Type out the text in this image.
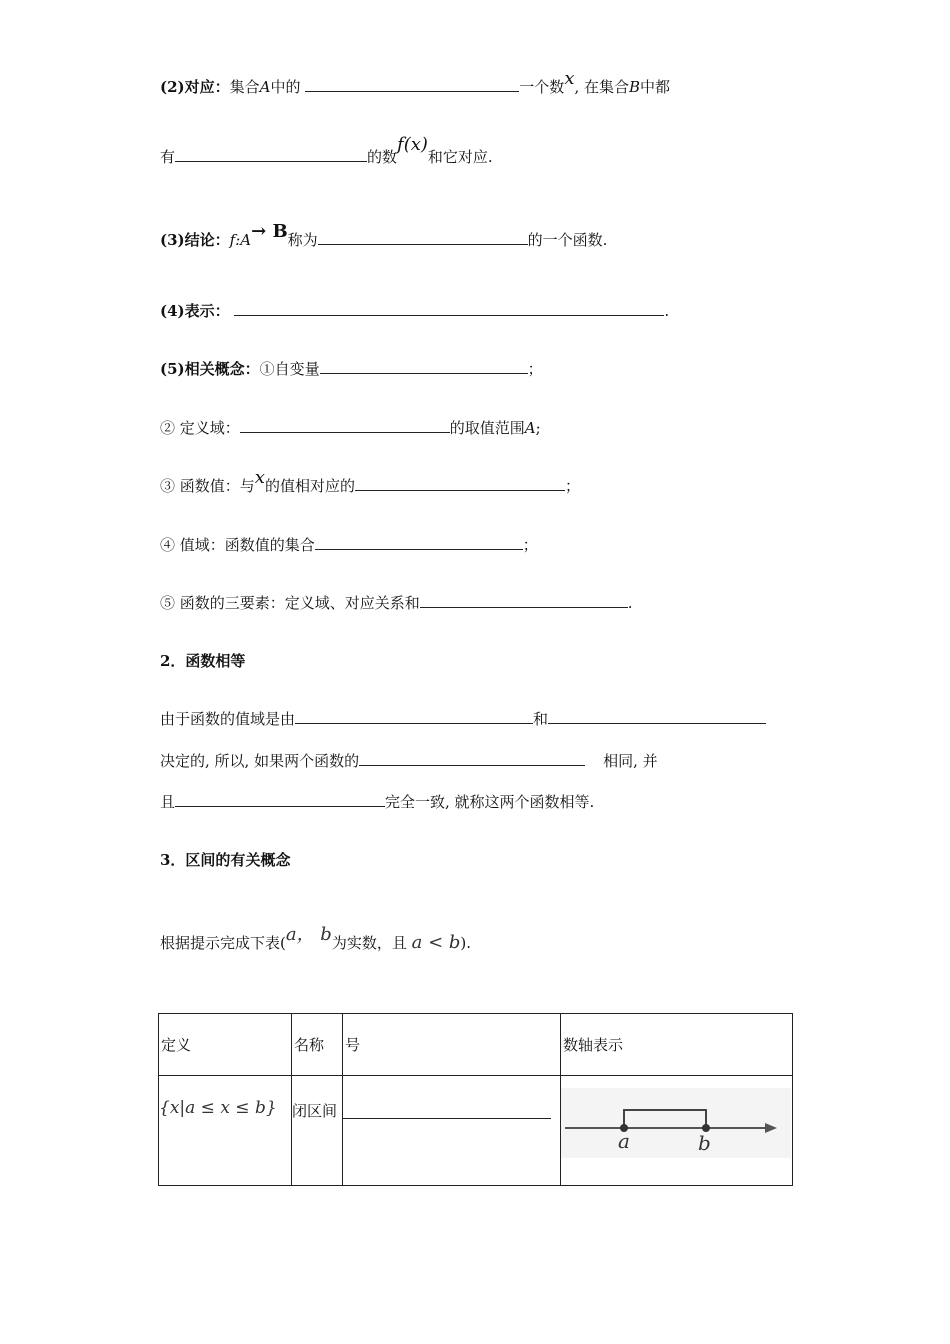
(2)对应：集合A中的	一个数x, 在集合B中都
有	的数f(x)和它对应.
(3)结论：f:A→ B称为	的一个函数.
(4)表示：	.
(5)相关概念：①自变量	；
② 定义域：	的取值范围A;
③ 函数值：与x的值相对应的	；
④ 值域：函数值的集合	；
⑤ 函数的三要素：定义域、对应关系和	.
2．函数相等
由于函数的值域是由	和
决定的, 所以, 如果两个函数的	相同, 并
且	完全一致, 就称这两个函数相等.
3．区间的有关概念
根据提示完成下表(a， b为实数，且 a < b).
定义	名称	号	数轴表示

{x|a ≤ x ≤ b}	闭区间		a b
